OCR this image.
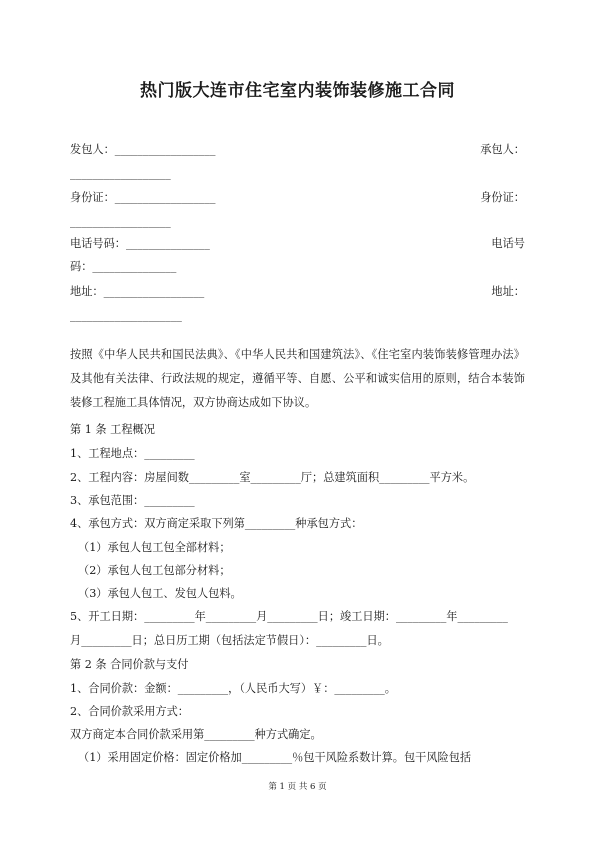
热门版大连市住宅室内装饰装修施工合同
发包人：__________________	承包人：
__________________
身份证：__________________	身份证：
__________________
电话号码：_______________	电话号
码：_______________
地址：__________________	地址：
____________________
按照《中华人民共和国民法典》、《中华人民共和国建筑法》、《住宅室内装饰装修管理办法》及其他有关法律、行政法规的规定，遵循平等、自愿、公平和诚实信用的原则，结合本装饰装修工程施工具体情况，双方协商达成如下协议。
第 1 条 工程概况
1、工程地点：_________
2、工程内容：房屋间数_________室_________厅；总建筑面积_________平方米。
3、承包范围：_________
4、承包方式：双方商定采取下列第_________种承包方式：
（1）承包人包工包全部材料；
（2）承包人包工包部分材料；
（3）承包人包工、发包人包料。
5、开工日期：_________年_________月_________日；竣工日期：_________年_________
月_________日；总日历工期（包括法定节假日）：_________日。
第 2 条 合同价款与支付
1、合同价款：金额：_________，（人民币大写）￥：_________。
2、合同价款采用方式：
双方商定本合同价款采用第_________种方式确定。
（1）采用固定价格：固定价格加_________％包干风险系数计算。包干风险包括
第 1 页 共 6 页
